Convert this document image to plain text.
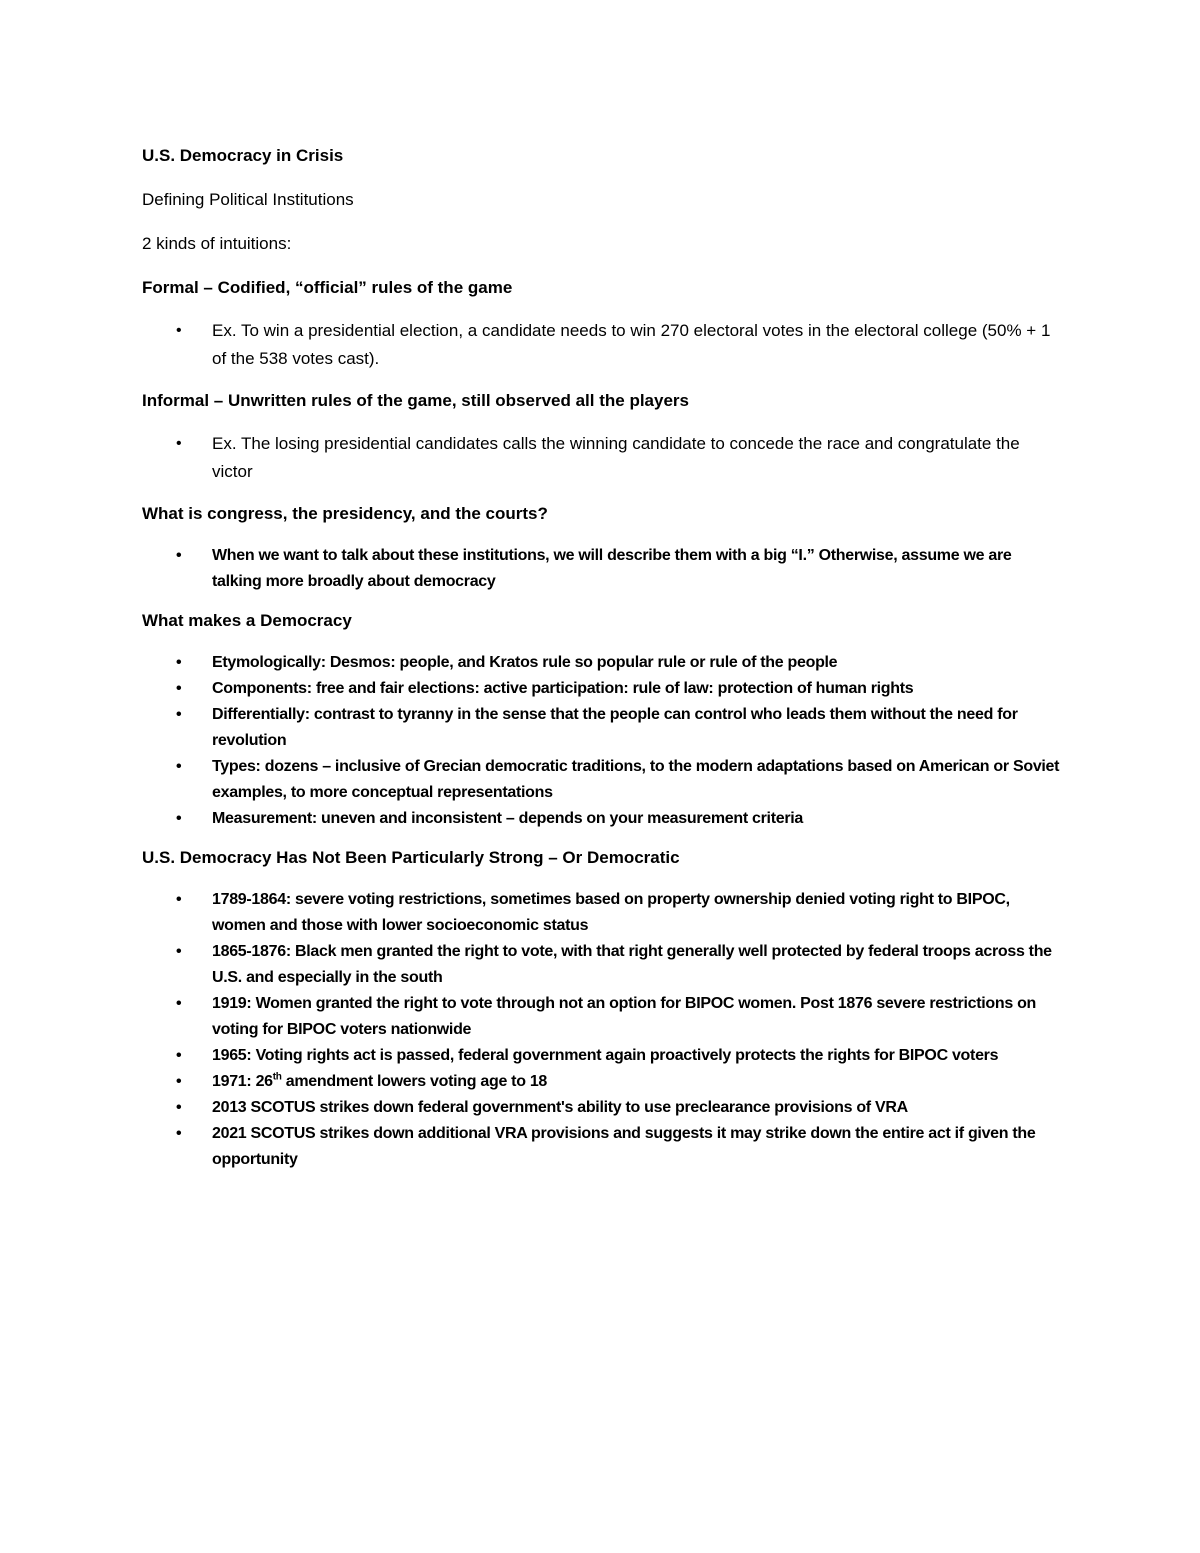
U.S. Democracy in Crisis

Defining Political Institutions

2 kinds of intuitions:

Formal – Codified, “official” rules of the game

• Ex. To win a presidential election, a candidate needs to win 270 electoral votes in the electoral college (50% + 1 of the 538 votes cast).

Informal – Unwritten rules of the game, still observed all the players

• Ex. The losing presidential candidates calls the winning candidate to concede the race and congratulate the victor

What is congress, the presidency, and the courts?

• When we want to talk about these institutions, we will describe them with a big “I.” Otherwise, assume we are talking more broadly about democracy

What makes a Democracy

• Etymologically: Desmos: people, and Kratos rule so popular rule or rule of the people
• Components: free and fair elections: active participation: rule of law: protection of human rights
• Differentially: contrast to tyranny in the sense that the people can control who leads them without the need for revolution
• Types: dozens – inclusive of Grecian democratic traditions, to the modern adaptations based on American or Soviet examples, to more conceptual representations
• Measurement: uneven and inconsistent – depends on your measurement criteria

U.S. Democracy Has Not Been Particularly Strong – Or Democratic

• 1789-1864: severe voting restrictions, sometimes based on property ownership denied voting right to BIPOC, women and those with lower socioeconomic status
• 1865-1876: Black men granted the right to vote, with that right generally well protected by federal troops across the U.S. and especially in the south
• 1919: Women granted the right to vote through not an option for BIPOC women. Post 1876 severe restrictions on voting for BIPOC voters nationwide
• 1965: Voting rights act is passed, federal government again proactively protects the rights for BIPOC voters
• 1971: 26th amendment lowers voting age to 18
• 2013 SCOTUS strikes down federal government's ability to use preclearance provisions of VRA
• 2021 SCOTUS strikes down additional VRA provisions and suggests it may strike down the entire act if given the opportunity
